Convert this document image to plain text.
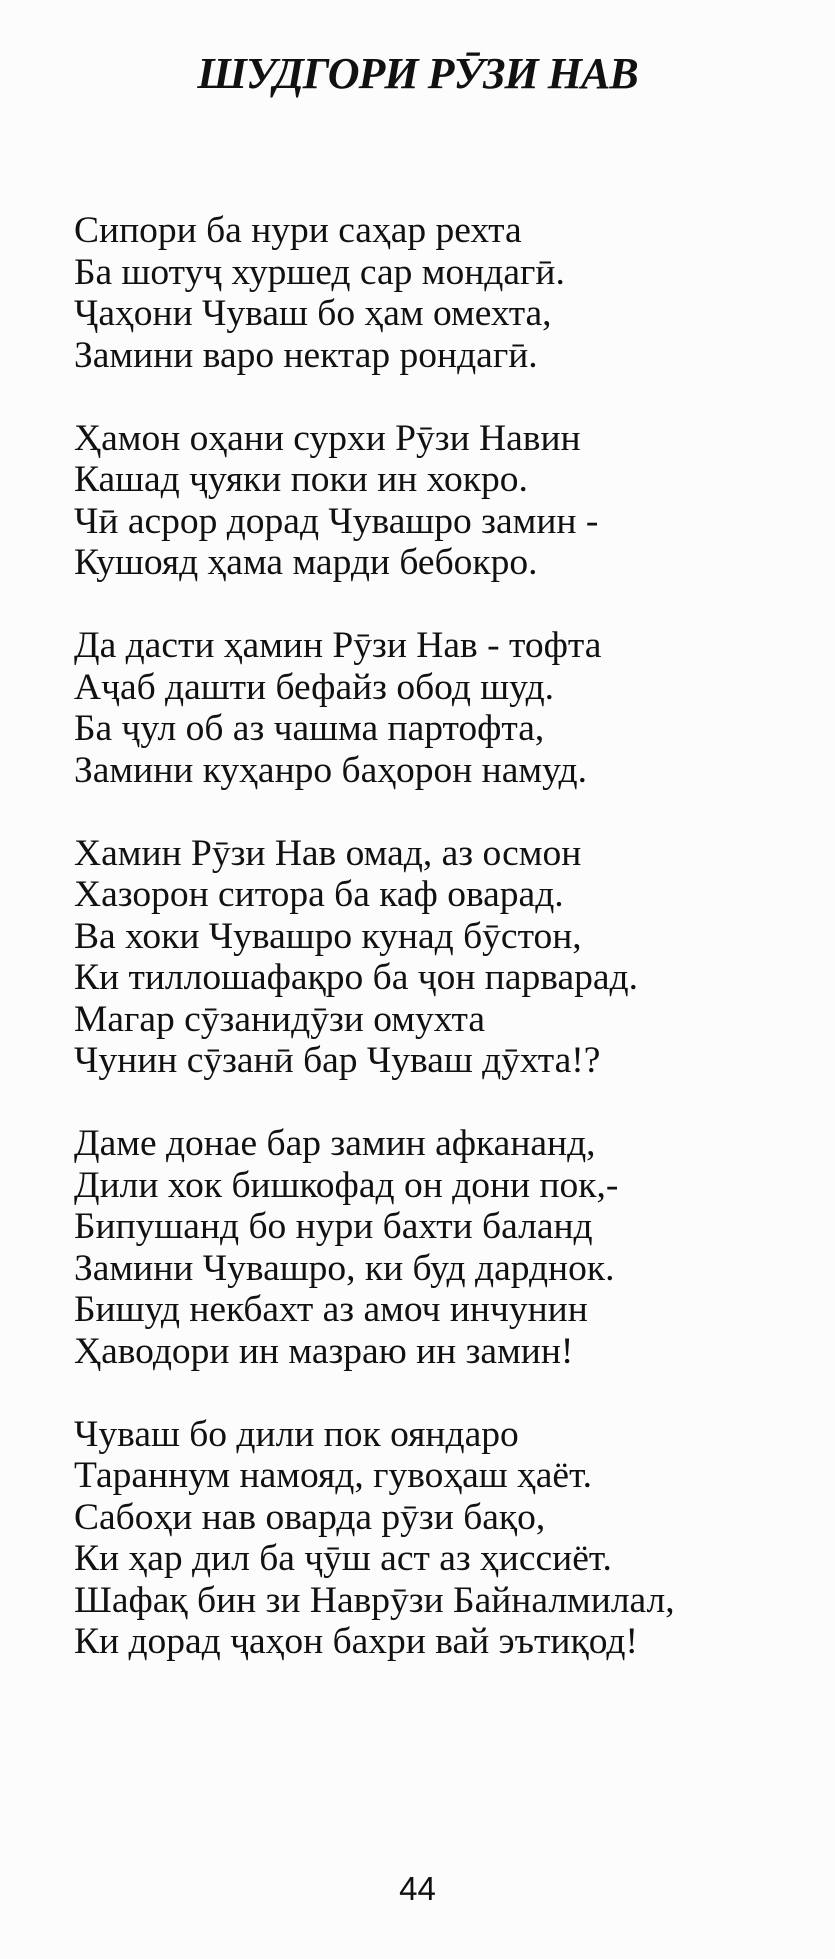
ШУДГОРИ РӮЗИ НАВ
Сипори ба нури саҳар рехта
Ба шотуҷ хуршед сар мондагӣ.
Ҷаҳони Чуваш бо ҳам омехта,
Замини варо нектар рондагӣ.
Ҳамон оҳани сурхи Рӯзи Навин
Кашад ҷуяки поки ин хокро.
Чӣ асрор дорад Чувашро замин -
Кушояд ҳама марди бебокро.
Да дасти ҳамин Рӯзи Нав - тофта
Аҷаб дашти бефайз обод шуд.
Ба ҷул об аз чашма партофта,
Замини куҳанро баҳорон намуд.
Хамин Рӯзи Нав омад, аз осмон
Хазорон ситора ба каф оварад.
Ва хоки Чувашро кунад бӯстон,
Ки тиллошафақро ба ҷон парварад.
Магар сӯзанидӯзи омухта
Чунин сӯзанӣ бар Чуваш дӯхта!?
Даме донае бар замин афкананд,
Дили хок бишкофад он дони пок,-
Бипушанд бо нури бахти баланд
Замини Чувашро, ки буд дарднок.
Бишуд некбахт аз амоч инчунин
Ҳаводори ин мазраю ин замин!
Чуваш бо дили пок ояндаро
Тараннум намояд, гувоҳаш ҳаёт.
Сабоҳи нав оварда рӯзи бақо,
Ки ҳар дил ба ҷӯш аст аз ҳиссиёт.
Шафақ бин зи Наврӯзи Байналмилал,
Ки дорад ҷаҳон бахри вай эътиқод!
44
